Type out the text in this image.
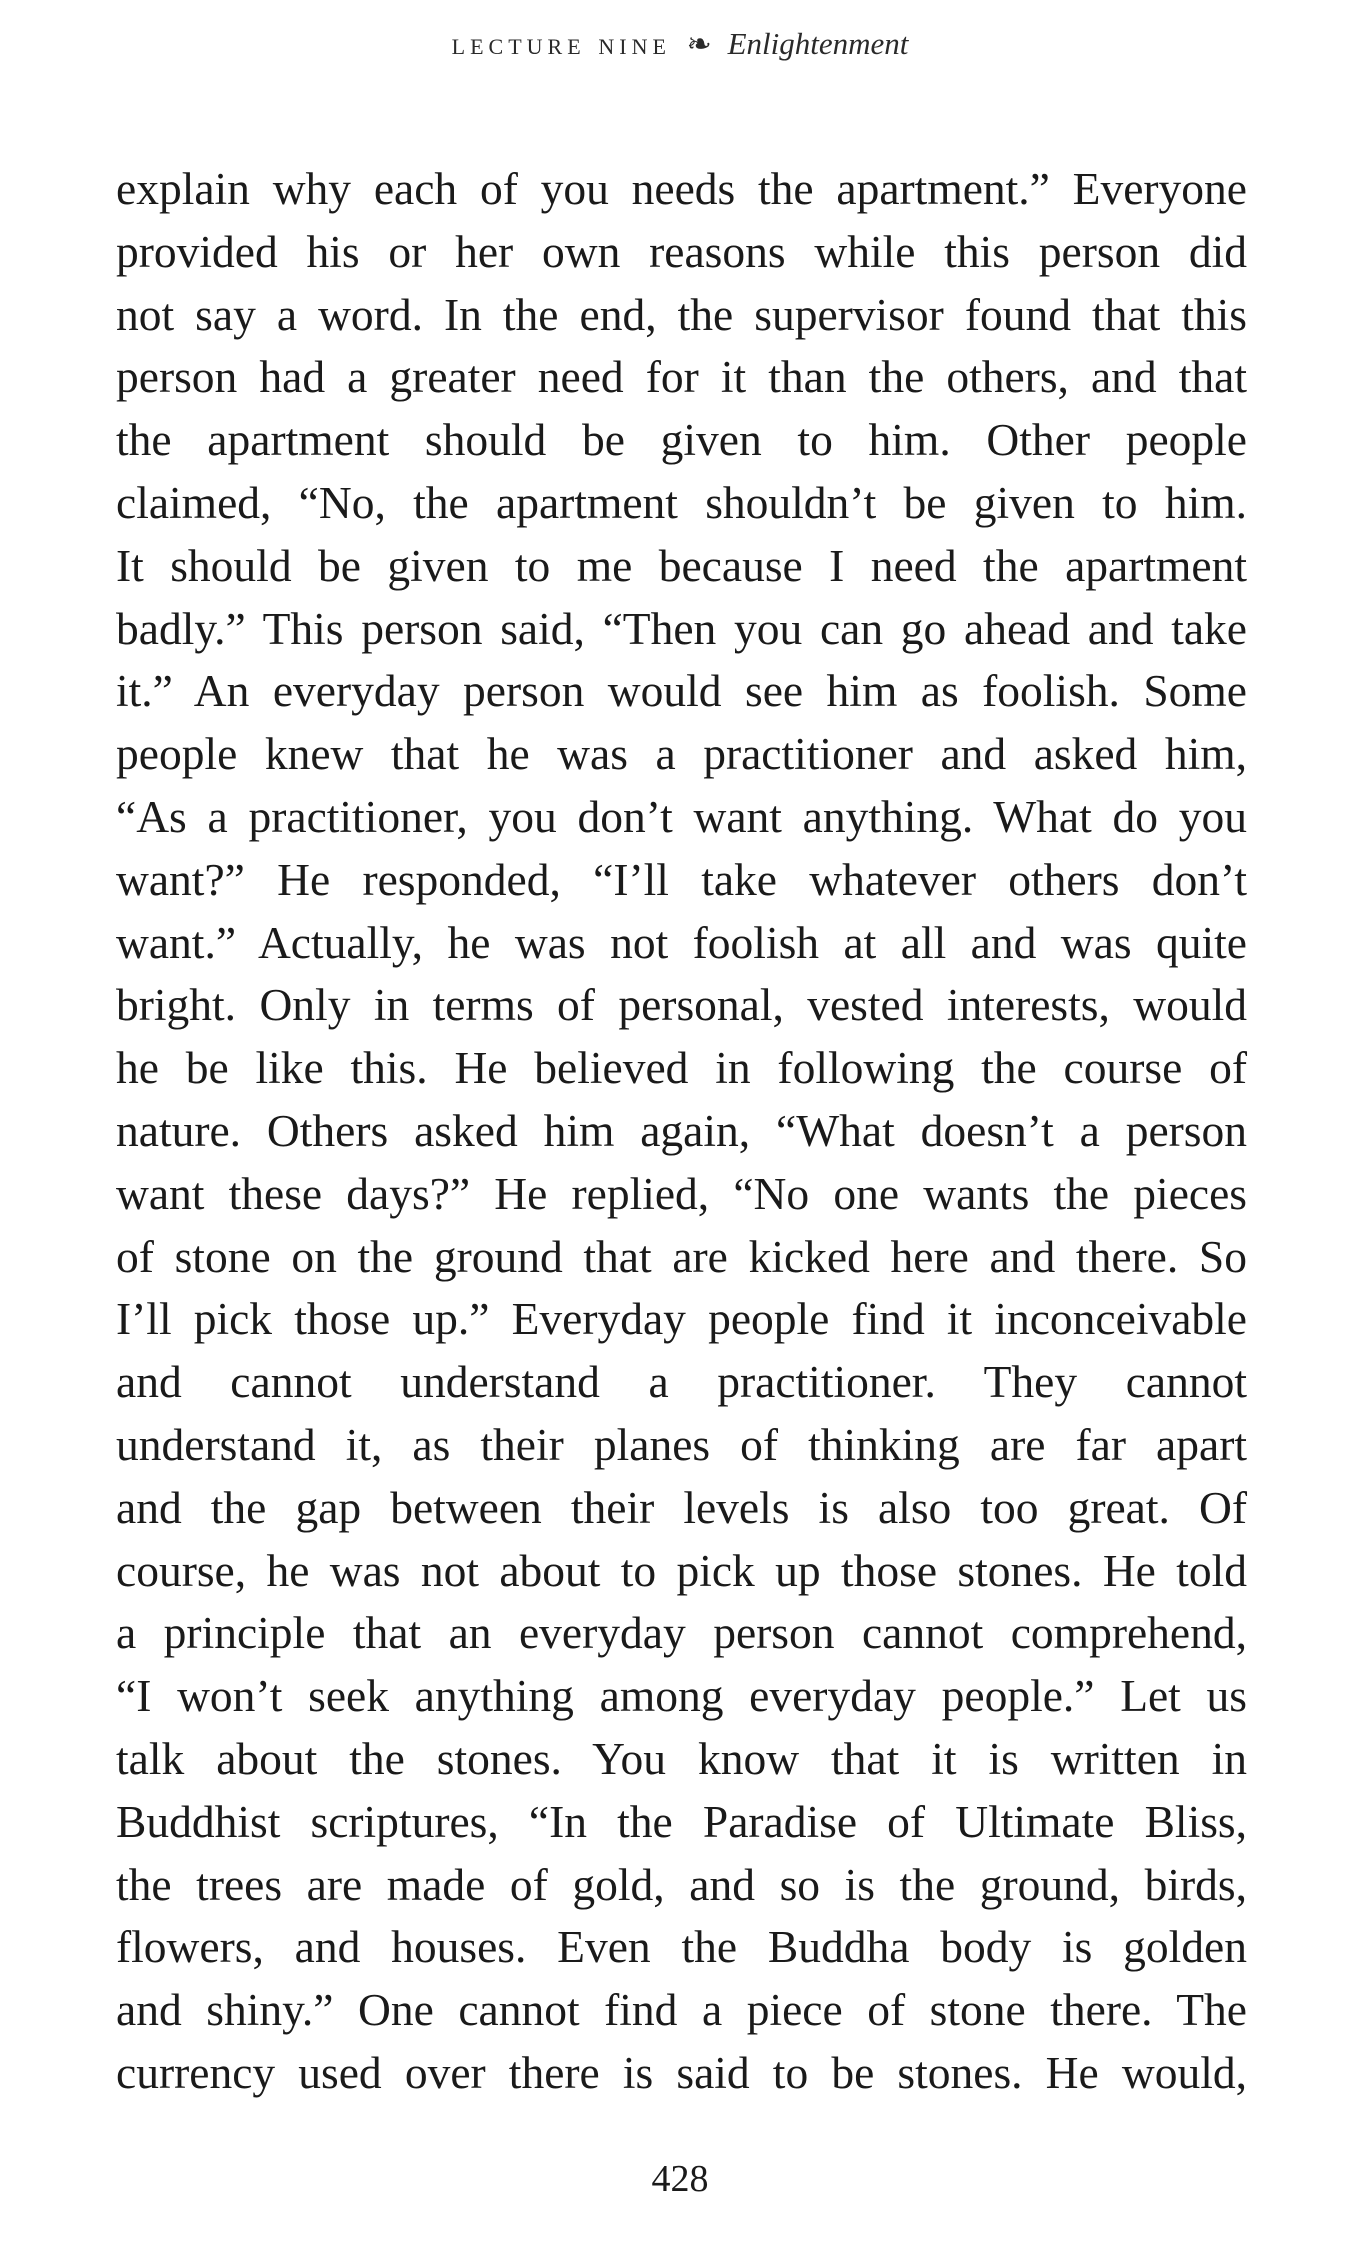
lecture nine ❧ Enlightenment
explain why each of you needs the apartment.” Everyone
provided his or her own reasons while this person did
not say a word. In the end, the supervisor found that this
person had a greater need for it than the others, and that
the apartment should be given to him. Other people
claimed, “No, the apartment shouldn’t be given to him.
It should be given to me because I need the apartment
badly.” This person said, “Then you can go ahead and take
it.” An everyday person would see him as foolish. Some
people knew that he was a practitioner and asked him,
“As a practitioner, you don’t want anything. What do you
want?” He responded, “I’ll take whatever others don’t
want.” Actually, he was not foolish at all and was quite
bright. Only in terms of personal, vested interests, would
he be like this. He believed in following the course of
nature. Others asked him again, “What doesn’t a person
want these days?” He replied, “No one wants the pieces
of stone on the ground that are kicked here and there. So
I’ll pick those up.” Everyday people find it inconceivable
and cannot understand a practitioner. They cannot
understand it, as their planes of thinking are far apart
and the gap between their levels is also too great. Of
course, he was not about to pick up those stones. He told
a principle that an everyday person cannot comprehend,
“I won’t seek anything among everyday people.” Let us
talk about the stones. You know that it is written in
Buddhist scriptures, “In the Paradise of Ultimate Bliss,
the trees are made of gold, and so is the ground, birds,
flowers, and houses. Even the Buddha body is golden
and shiny.” One cannot find a piece of stone there. The
currency used over there is said to be stones. He would,
428
